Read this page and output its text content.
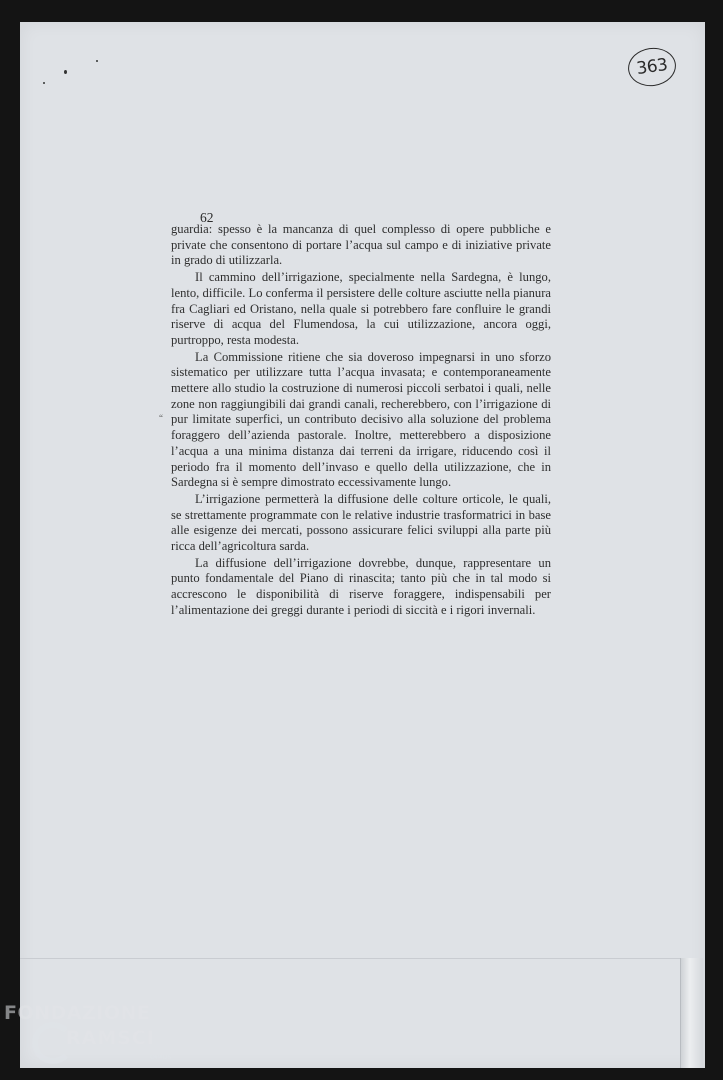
363
62
“

guardia: spesso è la mancanza di quel complesso di opere pubbliche e private che consentono di portare l’acqua sul campo e di iniziative private in grado di utilizzarla.

Il cammino dell’irrigazione, specialmente nella Sardegna, è lungo, lento, difficile. Lo conferma il persistere delle colture asciutte nella pianura fra Cagliari ed Oristano, nella quale si potrebbero fare confluire le grandi riserve di acqua del Flumendosa, la cui utilizzazione, ancora oggi, purtroppo, resta modesta.

La Commissione ritiene che sia doveroso impegnarsi in uno sforzo sistematico per utilizzare tutta l’acqua invasata; e contemporaneamente mettere allo studio la costruzione di numerosi piccoli serbatoi i quali, nelle zone non raggiungibili dai grandi canali, recherebbero, con l’irrigazione di pur limitate superfici, un contributo decisivo alla soluzione del problema foraggero dell’azienda pastorale. Inoltre, metterebbero a disposizione l’acqua a una minima distanza dai terreni da irrigare, riducendo così il periodo fra il momento dell’invaso e quello della utilizzazione, che in Sardegna si è sempre dimostrato eccessivamente lungo.

L’irrigazione permetterà la diffusione delle colture orticole, le quali, se strettamente programmate con le relative industrie trasformatrici in base alle esigenze dei mercati, possono assicurare felici sviluppi alla parte più ricca dell’agricoltura sarda.

La diffusione dell’irrigazione dovrebbe, dunque, rappresentare un punto fondamentale del Piano di rinascita; tanto più che in tal modo si accrescono le disponibilità di riserve foraggere, indispensabili per l’alimentazione dei greggi durante i periodi di siccità e i rigori invernali.

FONDAZIONE
RAMSCI
onlus
